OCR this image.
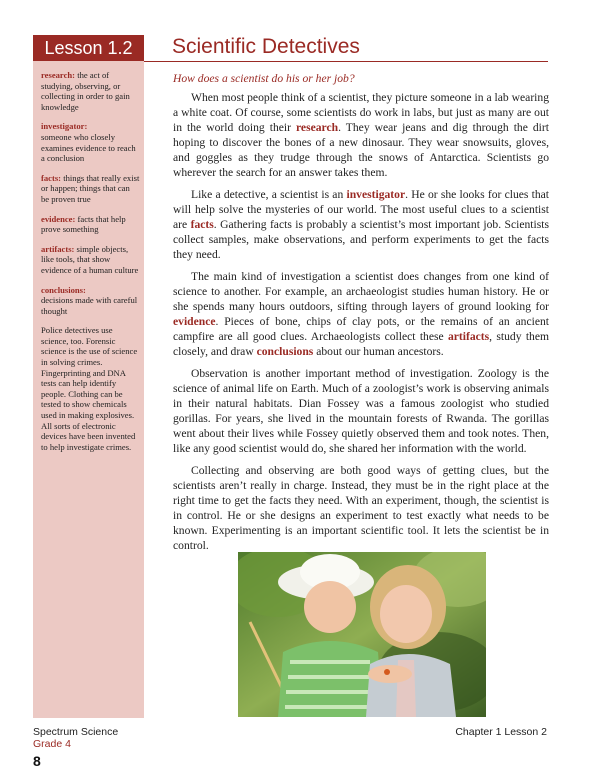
Lesson 1.2	Scientific Detectives

research: the act of studying, observing, or collecting in order to gain knowledge

investigator:
someone who closely examines evidence to reach a conclusion

facts: things that really exist or happen; things that can be proven true

evidence: facts that help prove something

artifacts: simple objects, like tools, that show evidence of a human culture

conclusions:
decisions made with careful thought

Police detectives use science, too. Forensic science is the use of science in solving crimes. Fingerprinting and DNA tests can help identify people. Clothing can be tested to show chemicals used in making explosives. All sorts of electronic devices have been invented to help investigate crimes.

How does a scientist do his or her job?

When most people think of a scientist, they picture someone in a lab wearing a white coat. Of course, some scientists do work in labs, but just as many are out in the world doing their research. They wear jeans and dig through the dirt hoping to discover the bones of a new dinosaur. They wear snowsuits, gloves, and goggles as they trudge through the snows of Antarctica. Scientists go wherever the search for an answer takes them.

Like a detective, a scientist is an investigator. He or she looks for clues that will help solve the mysteries of our world. The most useful clues to a scientist are facts. Gathering facts is probably a scientist’s most important job. Scientists collect samples, make observations, and perform experiments to get the facts they need.

The main kind of investigation a scientist does changes from one kind of science to another. For example, an archaeologist studies human history. He or she spends many hours outdoors, sifting through layers of ground looking for evidence. Pieces of bone, chips of clay pots, or the remains of an ancient campfire are all good clues. Archaeologists collect these artifacts, study them closely, and draw conclusions about our human ancestors.

Observation is another important method of investigation. Zoology is the science of animal life on Earth. Much of a zoologist’s work is observing animals in their natural habitats. Dian Fossey was a famous zoologist who studied gorillas. For years, she lived in the mountain forests of Rwanda. The gorillas went about their lives while Fossey quietly observed them and took notes. Then, like any good scientist would do, she shared her information with the world.

Collecting and observing are both good ways of getting clues, but the scientists aren’t really in charge. Instead, they must be in the right place at the right time to get the facts they need. With an experiment, though, the scientist is in control. He or she designs an experiment to test exactly what needs to be known. Experimenting is an important scientific tool. It lets the scientist be in control.

Spectrum Science
Grade 4
8
Chapter 1 Lesson 2
